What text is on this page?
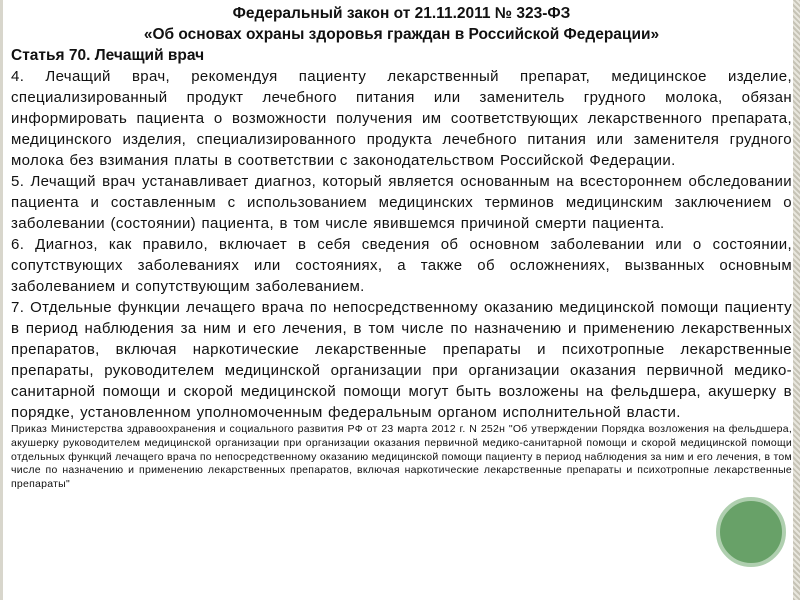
Федеральный закон от 21.11.2011 № 323-ФЗ

«Об основах охраны здоровья граждан в Российской Федерации»

Статья 70. Лечащий врач

4. Лечащий врач, рекомендуя пациенту лекарственный препарат, медицинское изделие, специализированный продукт лечебного питания или заменитель грудного молока, обязан информировать пациента о возможности получения им соответствующих лекарственного препарата, медицинского изделия, специализированного продукта лечебного питания или заменителя грудного молока без взимания платы в соответствии с законодательством Российской Федерации.

5. Лечащий врач устанавливает диагноз, который является основанным на всестороннем обследовании пациента и составленным с использованием медицинских терминов медицинским заключением о заболевании (состоянии) пациента, в том числе явившемся причиной смерти пациента.

6. Диагноз, как правило, включает в себя сведения об основном заболевании или о состоянии, сопутствующих заболеваниях или состояниях, а также об осложнениях, вызванных основным заболеванием и сопутствующим заболеванием.

7. Отдельные функции лечащего врача по непосредственному оказанию медицинской помощи пациенту в период наблюдения за ним и его лечения, в том числе по назначению и применению лекарственных препаратов, включая наркотические лекарственные препараты и психотропные лекарственные препараты, руководителем медицинской организации при организации оказания первичной медико-санитарной помощи и скорой медицинской помощи могут быть возложены на фельдшера, акушерку в порядке, установленном уполномоченным федеральным органом исполнительной власти.

Приказ Министерства здравоохранения и социального развития РФ от 23 марта 2012 г. N 252н "Об утверждении Порядка возложения на фельдшера, акушерку руководителем медицинской организации при организации оказания первичной медико-санитарной помощи и скорой медицинской помощи отдельных функций лечащего врача по непосредственному оказанию медицинской помощи пациенту в период наблюдения за ним и его лечения, в том числе по назначению и применению лекарственных препаратов, включая наркотические лекарственные препараты и психотропные лекарственные препараты"
